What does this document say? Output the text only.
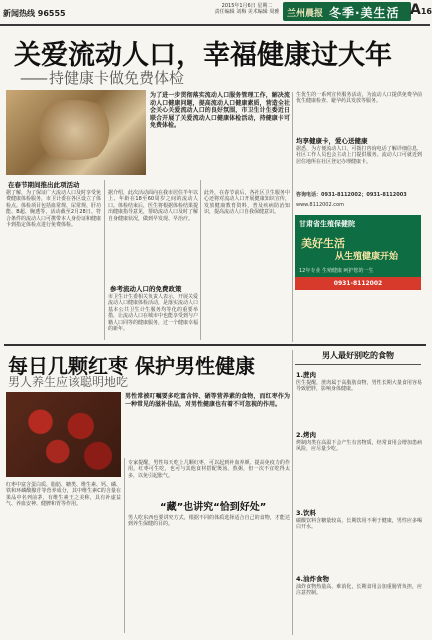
新闻热线 96555
2015年1月6日 星期二
责任编辑 刘梅 美术编辑 周雅 兰州晨报 冬季·美生活 A16
关爱流动人口，幸福健康过大年
—— 持健康卡做免费体检
为了进一步贯彻落实流动人口服务管理工作，解决流动人口健康问题，提高流动人口健康素质，营造全社会关心关爱流动人口的良好氛围，市卫生计生委近日联合开展了关爱流动人口健康体检活动，持健康卡可免费体检。
在春节期间推出此项活动
据了解，为了保证广大流动人口及时享受免费健康体检服务，市卫计委在各区设立了体检点。体检项目包括血常规、尿常规、肝功能、B超、胸透等，活动截至2月28日。符合条件的流动人口可携带本人身份证和健康卡到指定体检点进行免费体检。
据介绍，此次活动面向在我市居住半年以上、年龄在18至60周岁之间的流动人口。体检结束后，医生将根据体检结果提出健康指导意见，帮助流动人口及时了解自身健康状况，做到早发现、早治疗。
参考流动人口的免费政策
市卫生计生委相关负责人表示，开展关爱流动人口健康体检活动，是落实流动人口基本公共卫生计生服务均等化的重要举措，让流动人口在城市中也能享受到与户籍人口同等的健康服务，过一个健康幸福的新年。
此外，在春节前后，各社区卫生服务中心还将对流动人口开展健康知识宣传，发放健康教育资料，普及疾病防治知识，提高流动人口自我保健意识。
生优生的一系列宣传服务活动，为流动人口提供免费孕前优生健康检查、避孕药具发放等服务。
均享健康卡，爱心送健康
据悉，为方便流动人口，可拨打咨询电话了解详细信息，社区工作人员也会主动上门提供服务。流动人口可就近到居住地所在社区登记办理健康卡。
咨询电话：0931-8112002；0931-8112003
www.8112002.com
甘肃省生殖保健院
美好生活
从生殖健康开始
12年专业 生殖健康 呵护您的一生
0931-8112002
每日几颗红枣 保护男性健康
男人养生应该聪明地吃
男性常被叮嘱要多吃富含锌、硒等营养素的食物，而红枣作为一种常见的滋补佳品，对男性健康也有着不可忽视的作用。
红枣中富含蛋白质、脂肪、糖类、维生素、钙、磷、铁和环磷酸腺苷等营养成分，其中维生素C的含量在果品中名列前茅，有维生素王之美称，具有补虚益气、养血安神、健脾和胃等作用。
专家提醒，男性每天吃上几颗红枣，可以起到补血养颜、提高免疫力的作用。红枣可生吃，也可与其他食材搭配煲汤、熬粥，但一次不宜吃得太多，以免引起胀气。
“藏”也讲究“恰到好处”
男人吃东西也要讲究方式，根据不同的体质选择适合自己的食物，才能达到养生保健的目的。
男人最好别吃的食物
1.蔗肉
医生提醒，蔗肉属于高脂肪食物，男性长期大量食用容易导致肥胖，影响身体健康。
2.烤肉
烤制肉类在高温下会产生有害物质，经常食用会增加患病风险，应尽量少吃。
3.饮料
碳酸饮料含糖量较高，长期饮用不利于健康，男性应多喝白开水。
4.油炸食物
油炸食物热量高、难消化，长期食用会加重肠胃负担，应注意控制。
